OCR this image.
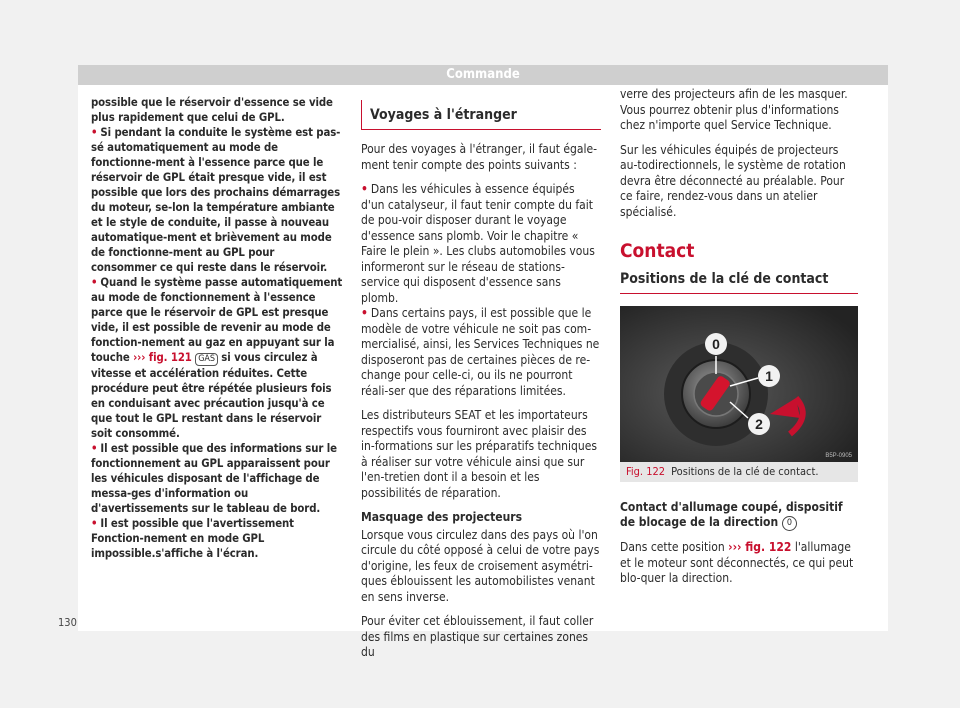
Commande

possible que le réservoir d'essence se vide plus rapidement que celui de GPL.

• Si pendant la conduite le système est pas-sé automatiquement au mode de fonctionne-ment à l'essence parce que le réservoir de GPL était presque vide, il est possible que lors des prochains démarrages du moteur, se-lon la température ambiante et le style de conduite, il passe à nouveau automatique-ment et brièvement au mode de fonctionne-ment au GPL pour consommer ce qui reste dans le réservoir.

• Quand le système passe automatiquement au mode de fonctionnement à l'essence parce que le réservoir de GPL est presque vide, il est possible de revenir au mode de fonction-nement au gaz en appuyant sur la touche ››› fig. 121 GAS si vous circulez à vitesse et accélération réduites. Cette procédure peut être répétée plusieurs fois en conduisant avec précaution jusqu'à ce que tout le GPL restant dans le réservoir soit consommé.

• Il est possible que des informations sur le fonctionnement au GPL apparaissent pour les véhicules disposant de l'affichage de messa-ges d'information ou d'avertissements sur le tableau de bord.

• Il est possible que l'avertissement Fonction-nement en mode GPL impossible.s'affiche à l'écran.

Voyages à l'étranger

Pour des voyages à l'étranger, il faut égale-ment tenir compte des points suivants :

• Dans les véhicules à essence équipés d'un catalyseur, il faut tenir compte du fait de pou-voir disposer durant le voyage d'essence sans plomb. Voir le chapitre « Faire le plein ». Les clubs automobiles vous informeront sur le réseau de stations-service qui disposent d'essence sans plomb.

• Dans certains pays, il est possible que le modèle de votre véhicule ne soit pas com-mercialisé, ainsi, les Services Techniques ne disposeront pas de certaines pièces de re-change pour celle-ci, ou ils ne pourront réali-ser que des réparations limitées.

Les distributeurs SEAT et les importateurs respectifs vous fourniront avec plaisir des in-formations sur les préparatifs techniques à réaliser sur votre véhicule ainsi que sur l'en-tretien dont il a besoin et les possibilités de réparation.

Masquage des projecteurs

Lorsque vous circulez dans des pays où l'on circule du côté opposé à celui de votre pays d'origine, les feux de croisement asymétri-ques éblouissent les automobilistes venant en sens inverse.

Pour éviter cet éblouissement, il faut coller des films en plastique sur certaines zones du

verre des projecteurs afin de les masquer. Vous pourrez obtenir plus d'informations chez n'importe quel Service Technique.

Sur les véhicules équipés de projecteurs au-todirectionnels, le système de rotation devra être déconnecté au préalable. Pour ce faire, rendez-vous dans un atelier spécialisé.

Contact
Positions de la clé de contact
0
1
2
B5P-0905
Fig. 122 Positions de la clé de contact.

Contact d'allumage coupé, dispositif de blocage de la direction 0

Dans cette position ››› fig. 122 l'allumage et le moteur sont déconnectés, ce qui peut blo-quer la direction.

130
